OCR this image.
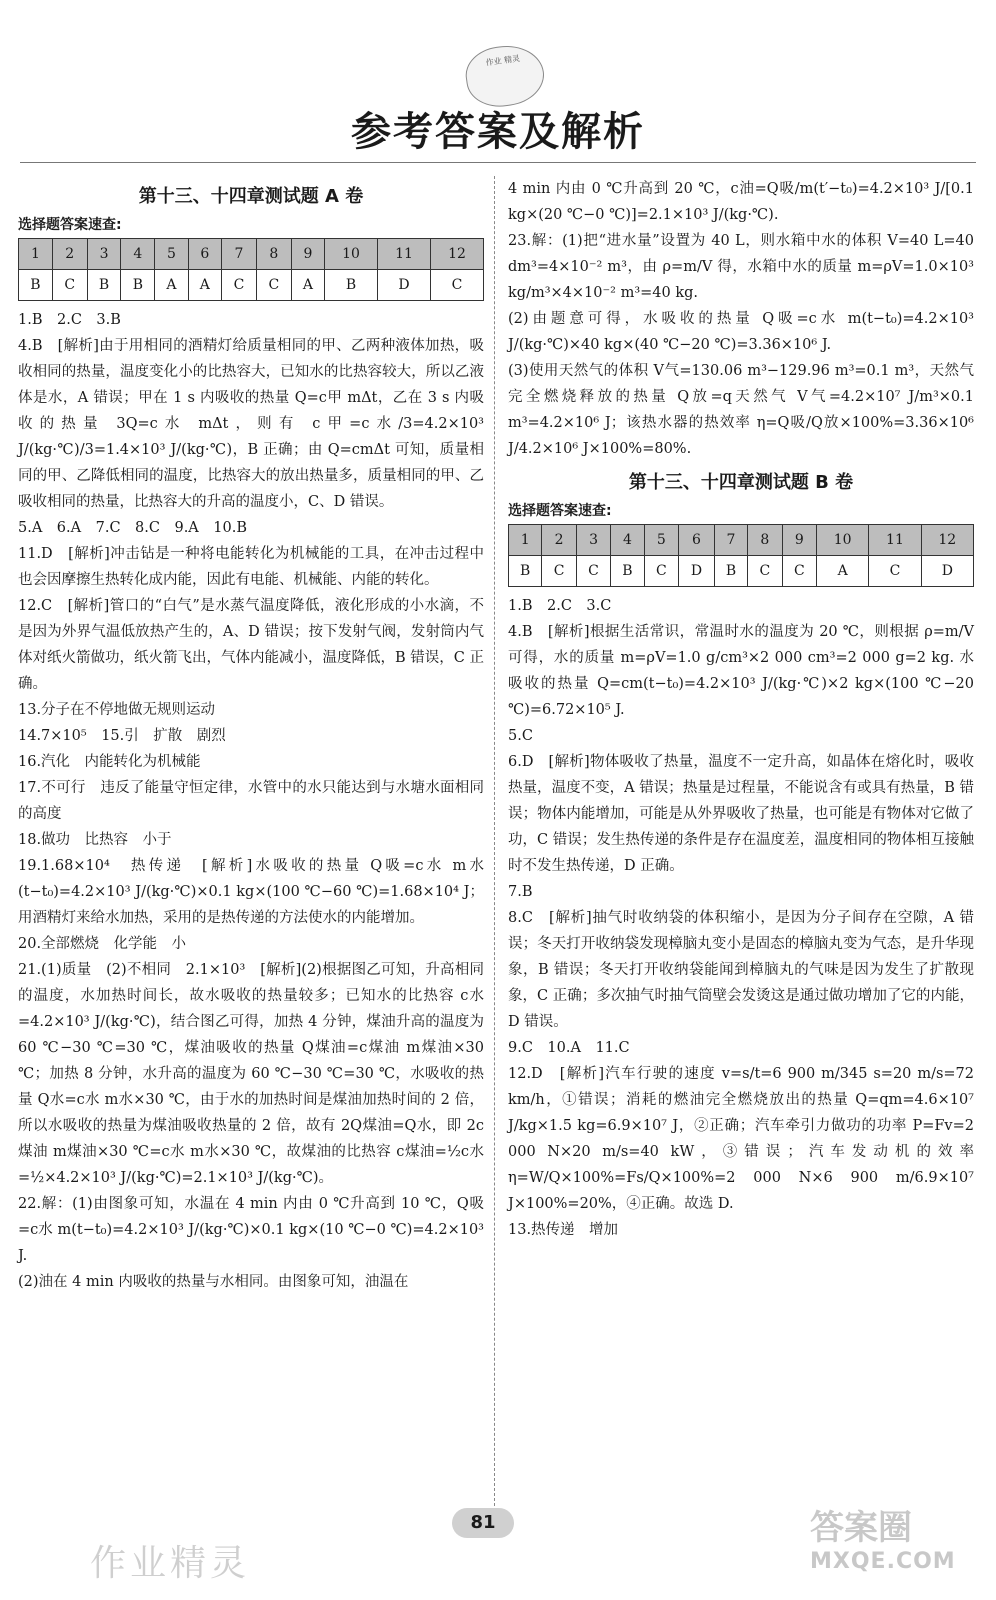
作业 精灵
参考答案及解析
第十三、十四章测试题 A 卷
选择题答案速查:
1	2	3	4	5	6	7	8	9	10	11	12
B	C	B	B	A	A	C	C	A	B	D	C

1.B　2.C　3.B

4.B　[解析]由于用相同的酒精灯给质量相同的甲、乙两种液体加热，吸收相同的热量，温度变化小的比热容大，已知水的比热容较大，所以乙液体是水，A 错误；甲在 1 s 内吸收的热量 Q=c甲 mΔt，乙在 3 s 内吸收的热量 3Q=c水 mΔt，则有 c甲=c水/3=4.2×10³ J/(kg·℃)/3=1.4×10³ J/(kg·℃)，B 正确；由 Q=cmΔt 可知，质量相同的甲、乙降低相同的温度，比热容大的放出热量多，质量相同的甲、乙吸收相同的热量，比热容大的升高的温度小，C、D 错误。

5.A　6.A　7.C　8.C　9.A　10.B

11.D　[解析]冲击钻是一种将电能转化为机械能的工具，在冲击过程中也会因摩擦生热转化成内能，因此有电能、机械能、内能的转化。

12.C　[解析]管口的“白气”是水蒸气温度降低，液化形成的小水滴，不是因为外界气温低放热产生的，A、D 错误；按下发射气阀，发射筒内气体对纸火箭做功，纸火箭飞出，气体内能减小，温度降低，B 错误，C 正确。

13.分子在不停地做无规则运动

14.7×10⁵　15.引　扩散　剧烈

16.汽化　内能转化为机械能

17.不可行　违反了能量守恒定律，水管中的水只能达到与水塘水面相同的高度

18.做功　比热容　小于

19.1.68×10⁴　热传递　[解析]水吸收的热量 Q吸=c水 m水(t−t₀)=4.2×10³ J/(kg·℃)×0.1 kg×(100 ℃−60 ℃)=1.68×10⁴ J；用酒精灯来给水加热，采用的是热传递的方法使水的内能增加。

20.全部燃烧　化学能　小

21.(1)质量　(2)不相同　2.1×10³　[解析](2)根据图乙可知，升高相同的温度，水加热时间长，故水吸收的热量较多；已知水的比热容 c水=4.2×10³ J/(kg·℃)，结合图乙可得，加热 4 分钟，煤油升高的温度为 60 ℃−30 ℃=30 ℃，煤油吸收的热量 Q煤油=c煤油 m煤油×30 ℃；加热 8 分钟，水升高的温度为 60 ℃−30 ℃=30 ℃，水吸收的热量 Q水=c水 m水×30 ℃，由于水的加热时间是煤油加热时间的 2 倍，所以水吸收的热量为煤油吸收热量的 2 倍，故有 2Q煤油=Q水，即 2c煤油 m煤油×30 ℃=c水 m水×30 ℃，故煤油的比热容 c煤油=½c水=½×4.2×10³ J/(kg·℃)=2.1×10³ J/(kg·℃)。

22.解：(1)由图象可知，水温在 4 min 内由 0 ℃升高到 10 ℃，Q吸=c水 m(t−t₀)=4.2×10³ J/(kg·℃)×0.1 kg×(10 ℃−0 ℃)=4.2×10³ J.

(2)油在 4 min 内吸收的热量与水相同。由图象可知，油温在

4 min 内由 0 ℃升高到 20 ℃，c油=Q吸/m(t′−t₀)=4.2×10³ J/[0.1 kg×(20 ℃−0 ℃)]=2.1×10³ J/(kg·℃).

23.解：(1)把“进水量”设置为 40 L，则水箱中水的体积 V=40 L=40 dm³=4×10⁻² m³，由 ρ=m/V 得，水箱中水的质量 m=ρV=1.0×10³ kg/m³×4×10⁻² m³=40 kg.

(2)由题意可得，水吸收的热量 Q吸=c水 m(t−t₀)=4.2×10³ J/(kg·℃)×40 kg×(40 ℃−20 ℃)=3.36×10⁶ J.

(3)使用天然气的体积 V气=130.06 m³−129.96 m³=0.1 m³，天然气完全燃烧释放的热量 Q放=q天然气 V气=4.2×10⁷ J/m³×0.1 m³=4.2×10⁶ J；该热水器的热效率 η=Q吸/Q放×100%=3.36×10⁶ J/4.2×10⁶ J×100%=80%.

第十三、十四章测试题 B 卷
选择题答案速查:
1	2	3	4	5	6	7	8	9	10	11	12
B	C	C	B	C	D	B	C	C	A	C	D

1.B　2.C　3.C

4.B　[解析]根据生活常识，常温时水的温度为 20 ℃，则根据 ρ=m/V 可得，水的质量 m=ρV=1.0 g/cm³×2 000 cm³=2 000 g=2 kg. 水吸收的热量 Q=cm(t−t₀)=4.2×10³ J/(kg·℃)×2 kg×(100 ℃−20 ℃)=6.72×10⁵ J.

5.C

6.D　[解析]物体吸收了热量，温度不一定升高，如晶体在熔化时，吸收热量，温度不变，A 错误；热量是过程量，不能说含有或具有热量，B 错误；物体内能增加，可能是从外界吸收了热量，也可能是有物体对它做了功，C 错误；发生热传递的条件是存在温度差，温度相同的物体相互接触时不发生热传递，D 正确。

7.B

8.C　[解析]抽气时收纳袋的体积缩小，是因为分子间存在空隙，A 错误；冬天打开收纳袋发现樟脑丸变小是固态的樟脑丸变为气态，是升华现象，B 错误；冬天打开收纳袋能闻到樟脑丸的气味是因为发生了扩散现象，C 正确；多次抽气时抽气筒壁会发烫这是通过做功增加了它的内能，D 错误。

9.C　10.A　11.C

12.D　[解析]汽车行驶的速度 v=s/t=6 900 m/345 s=20 m/s=72 km/h，①错误；消耗的燃油完全燃烧放出的热量 Q=qm=4.6×10⁷ J/kg×1.5 kg=6.9×10⁷ J，②正确；汽车牵引力做功的功率 P=Fv=2 000 N×20 m/s=40 kW，③错误；汽车发动机的效率 η=W/Q×100%=Fs/Q×100%=2 000 N×6 900 m/6.9×10⁷ J×100%=20%，④正确。故选 D.

13.热传递　增加

81
作业精灵
答案圈
MXQE.COM
